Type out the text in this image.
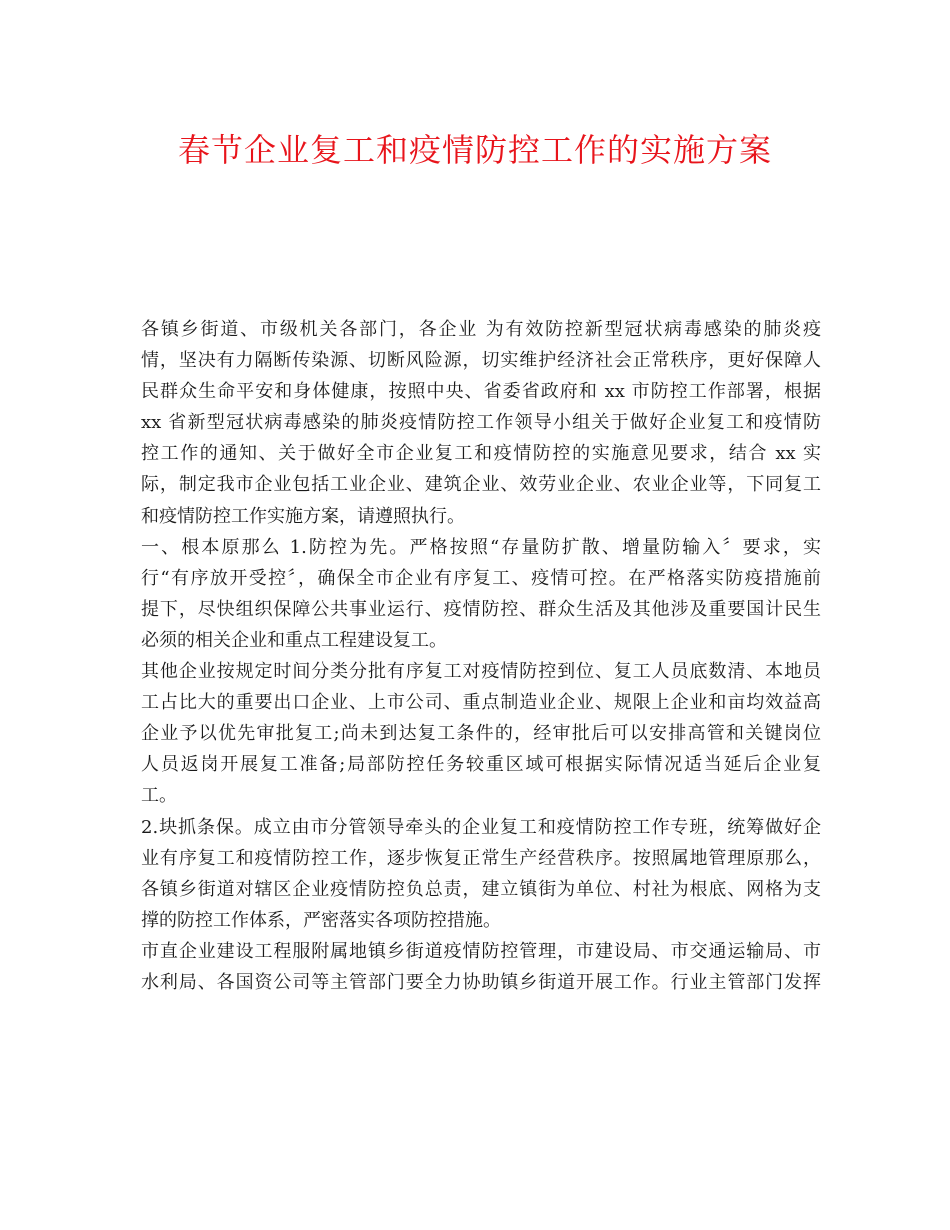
春节企业复工和疫情防控工作的实施方案

各镇乡街道、市级机关各部门，各企业 为有效防控新型冠状病毒感染的肺炎疫

情，坚决有力隔断传染源、切断风险源，切实维护经济社会正常秩序，更好保障人

民群众生命平安和身体健康，按照中央、省委省政府和 xx 市防控工作部署，根据

xx 省新型冠状病毒感染的肺炎疫情防控工作领导小组关于做好企业复工和疫情防

控工作的通知、关于做好全市企业复工和疫情防控的实施意见要求，结合 xx 实

际，制定我市企业包括工业企业、建筑企业、效劳业企业、农业企业等，下同复工

和疫情防控工作实施方案，请遵照执行。

一、根本原那么 1.防控为先。严格按照“存量防扩散、增量防输入〞要求，实

行“有序放开受控〞，确保全市企业有序复工、疫情可控。在严格落实防疫措施前

提下，尽快组织保障公共事业运行、疫情防控、群众生活及其他涉及重要国计民生

必须的相关企业和重点工程建设复工。

其他企业按规定时间分类分批有序复工对疫情防控到位、复工人员底数清、本地员

工占比大的重要出口企业、上市公司、重点制造业企业、规限上企业和亩均效益高

企业予以优先审批复工;尚未到达复工条件的，经审批后可以安排高管和关键岗位

人员返岗开展复工准备;局部防控任务较重区域可根据实际情况适当延后企业复

工。

2.块抓条保。成立由市分管领导牵头的企业复工和疫情防控工作专班，统筹做好企

业有序复工和疫情防控工作，逐步恢复正常生产经营秩序。按照属地管理原那么，

各镇乡街道对辖区企业疫情防控负总责，建立镇街为单位、村社为根底、网格为支

撑的防控工作体系，严密落实各项防控措施。

市直企业建设工程服附属地镇乡街道疫情防控管理，市建设局、市交通运输局、市

水利局、各国资公司等主管部门要全力协助镇乡街道开展工作。行业主管部门发挥
